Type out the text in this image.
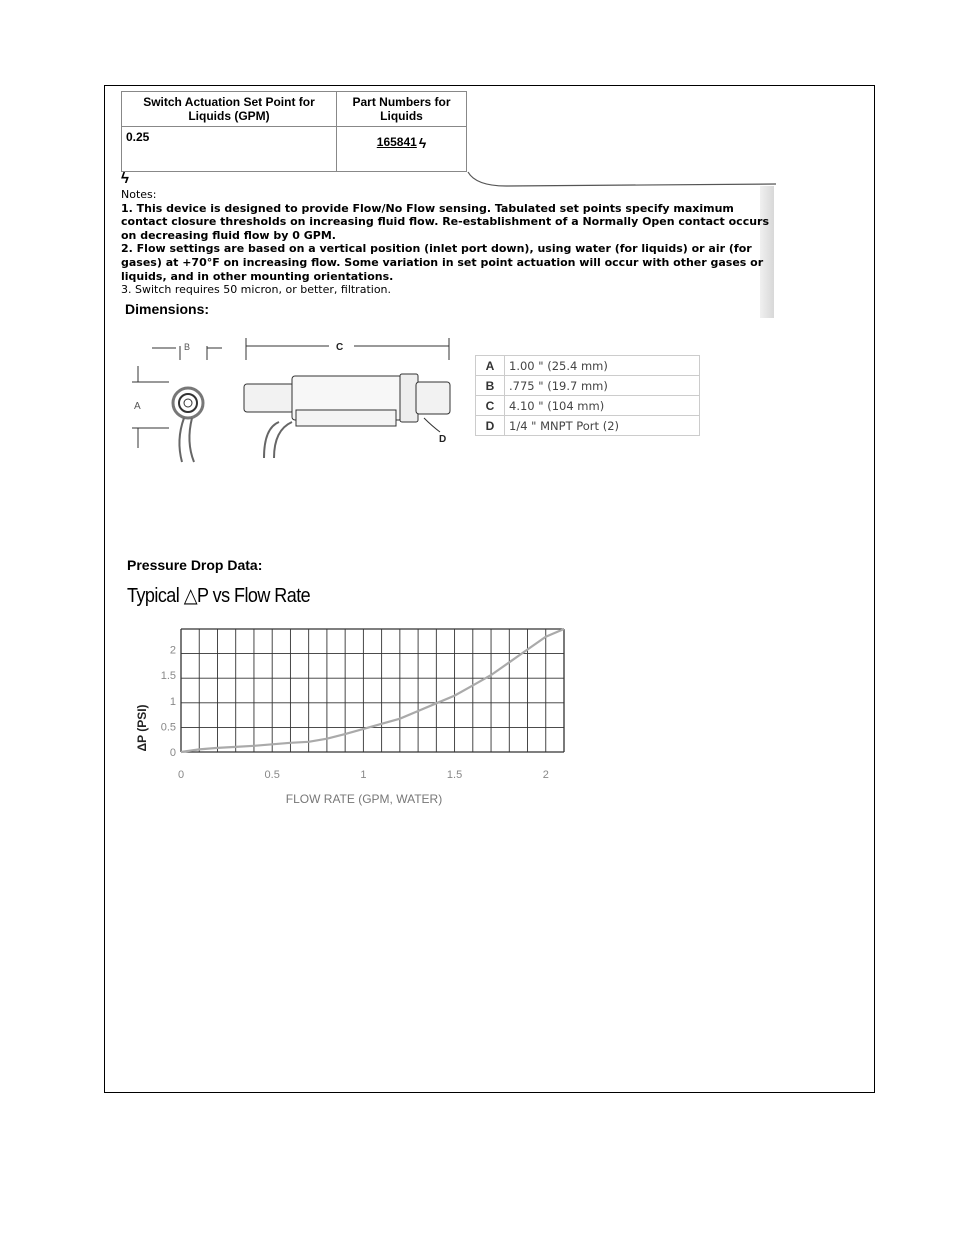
Switch Actuation Set Point for Liquids (GPM)	Part Numbers for Liquids
0.25	165841 ϟ
ϟ

Notes:

1. This device is designed to provide Flow/No Flow sensing. Tabulated set points specify maximum contact closure thresholds on increasing fluid flow. Re-establishment of a Normally Open contact occurs on decreasing fluid flow by 0 GPM.

2. Flow settings are based on a vertical position (inlet port down), using water (for liquids) or air (for gases) at +70°F on increasing flow. Some variation in set point actuation will occur with other gases or liquids, and in other mounting orientations.

3. Switch requires 50 micron, or better, filtration.

Dimensions:
B
A
C
D
A	1.00 " (25.4 mm)
B	.775 " (19.7 mm)
C	4.10 " (104 mm)
D	1/4 " MNPT Port (2)
Pressure Drop Data:
Typical △P vs Flow Rate
0
0.5
1
1.5
2
0	0.5	1	1.5	2
ΔP (PSI)
FLOW RATE (GPM, WATER)
